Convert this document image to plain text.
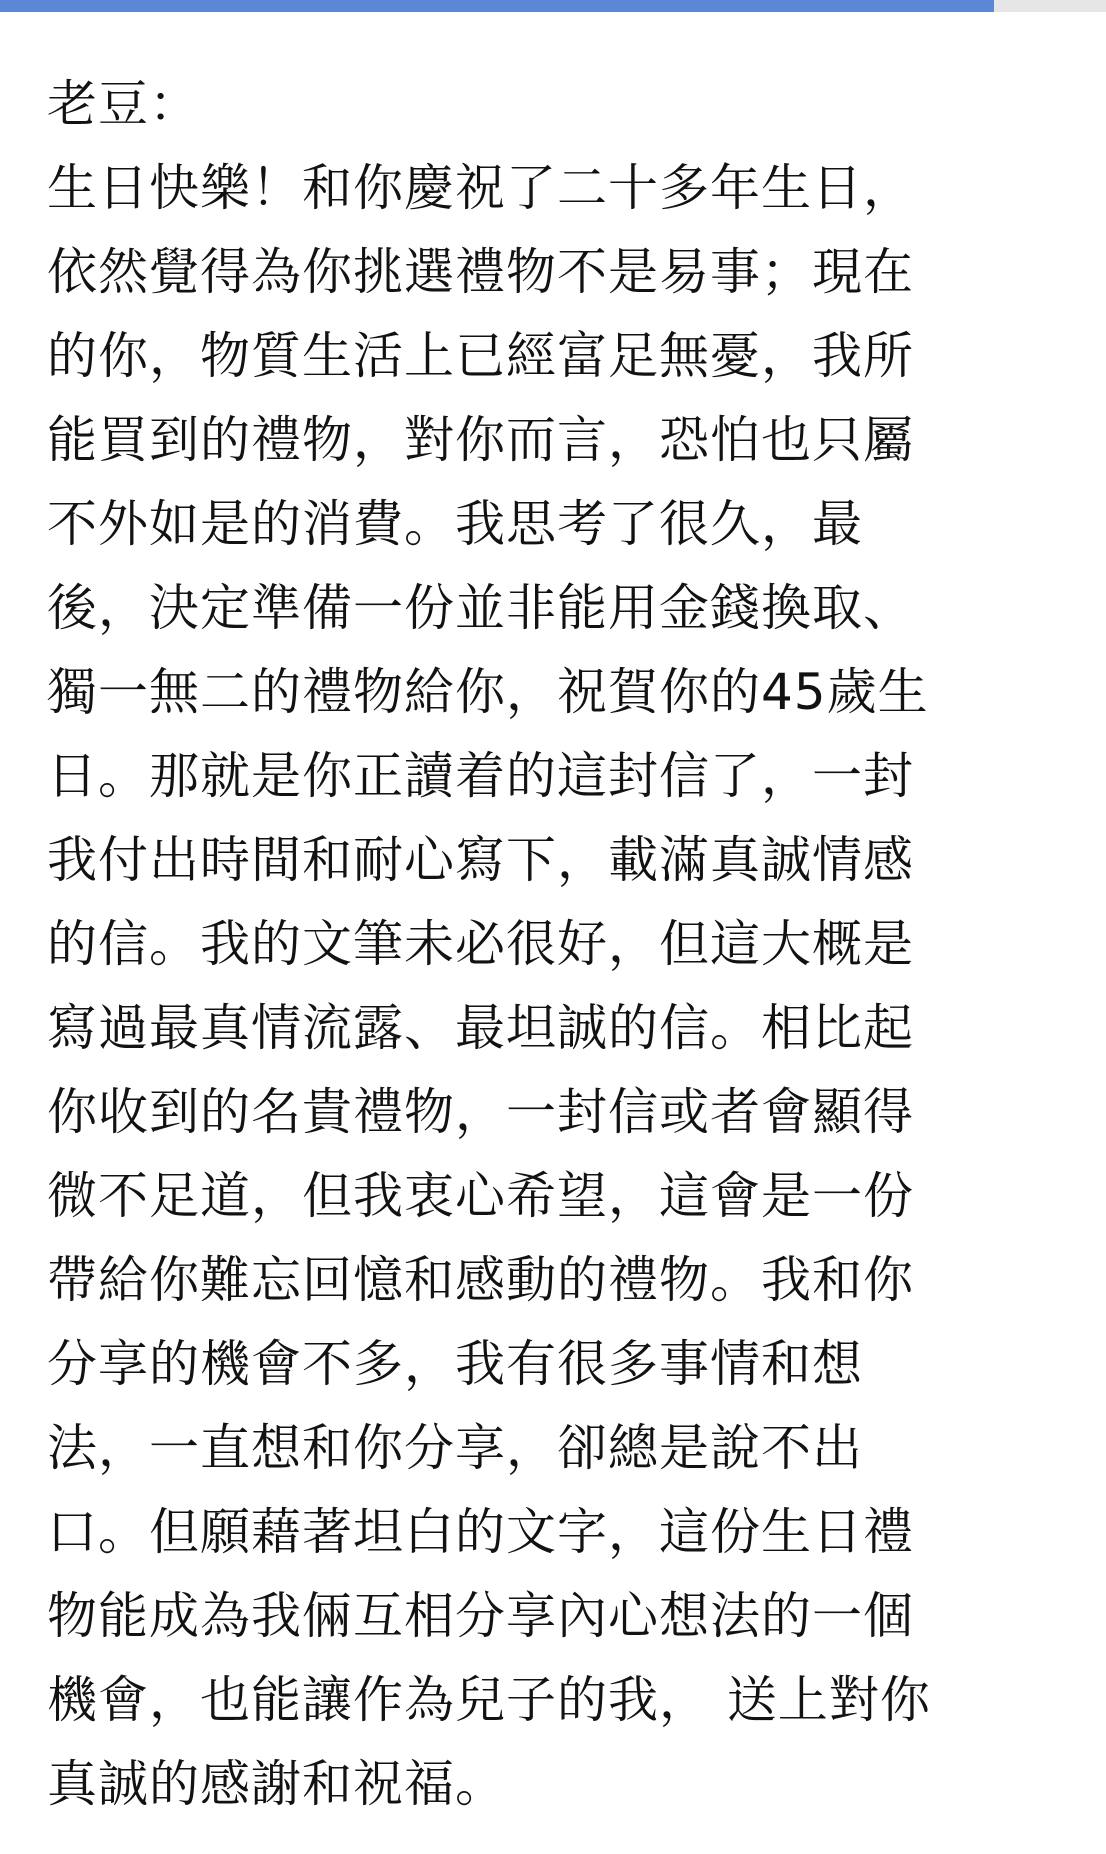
老豆：
生日快樂！和你慶祝了二十多年生日，
依然覺得為你挑選禮物不是易事；現在
的你，物質生活上已經富足無憂，我所
能買到的禮物，對你而言，恐怕也只屬
不外如是的消費。我思考了很久，最
後，決定準備一份並非能用金錢換取、
獨一無二的禮物給你，祝賀你的45歲生
日。那就是你正讀着的這封信了，一封
我付出時間和耐心寫下，載滿真誠情感
的信。我的文筆未必很好，但這大概是
寫過最真情流露、最坦誠的信。相比起
你收到的名貴禮物，一封信或者會顯得
微不足道，但我衷心希望，這會是一份
帶給你難忘回憶和感動的禮物。我和你
分享的機會不多，我有很多事情和想
法，一直想和你分享，卻總是說不出
口。但願藉著坦白的文字，這份生日禮
物能成為我倆互相分享內心想法的一個
機會，也能讓作為兒子的我， 送上對你
真誠的感謝和祝福。
